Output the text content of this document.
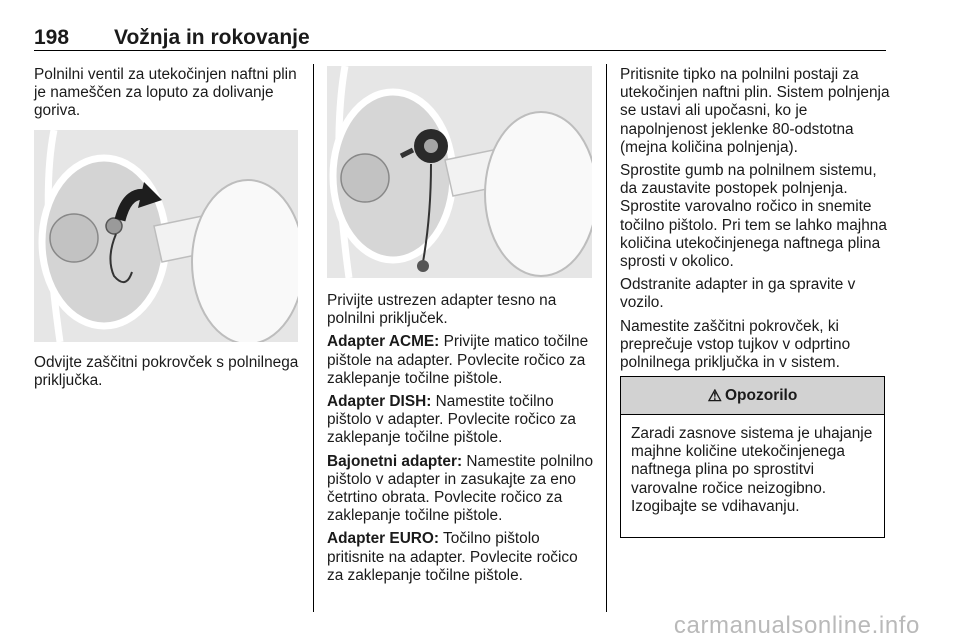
198 Vožnja in rokovanje

Polnilni ventil za utekočinjen naftni plin je nameščen za loputo za dolivanje goriva.

Odvijte zaščitni pokrovček s polnilnega priključka.

Privijte ustrezen adapter tesno na polnilni priključek.

Adapter ACME: Privijte matico točilne pištole na adapter. Povlecite ročico za zaklepanje točilne pištole.

Adapter DISH: Namestite točilno pištolo v adapter. Povlecite ročico za zaklepanje točilne pištole.

Bajonetni adapter: Namestite polnilno pištolo v adapter in zasukajte za eno četrtino obrata. Povlecite ročico za zaklepanje točilne pištole.

Adapter EURO: Točilno pištolo pritisnite na adapter. Povlecite ročico za zaklepanje točilne pištole.

Pritisnite tipko na polnilni postaji za utekočinjen naftni plin. Sistem polnjenja se ustavi ali upočasni, ko je napolnjenost jeklenke 80-odstotna (mejna količina polnjenja).

Sprostite gumb na polnilnem sistemu, da zaustavite postopek polnjenja. Sprostite varovalno ročico in snemite točilno pištolo. Pri tem se lahko majhna količina utekočinjenega naftnega plina sprosti v okolico.

Odstranite adapter in ga spravite v vozilo.

Namestite zaščitni pokrovček, ki preprečuje vstop tujkov v odprtino polnilnega priključka in v sistem.

⚠ Opozorilo
Zaradi zasnove sistema je uhajanje majhne količine utekočinjenega naftnega plina po sprostitvi varovalne ročice neizogibno. Izogibajte se vdihavanju.
carmanualsonline.info
